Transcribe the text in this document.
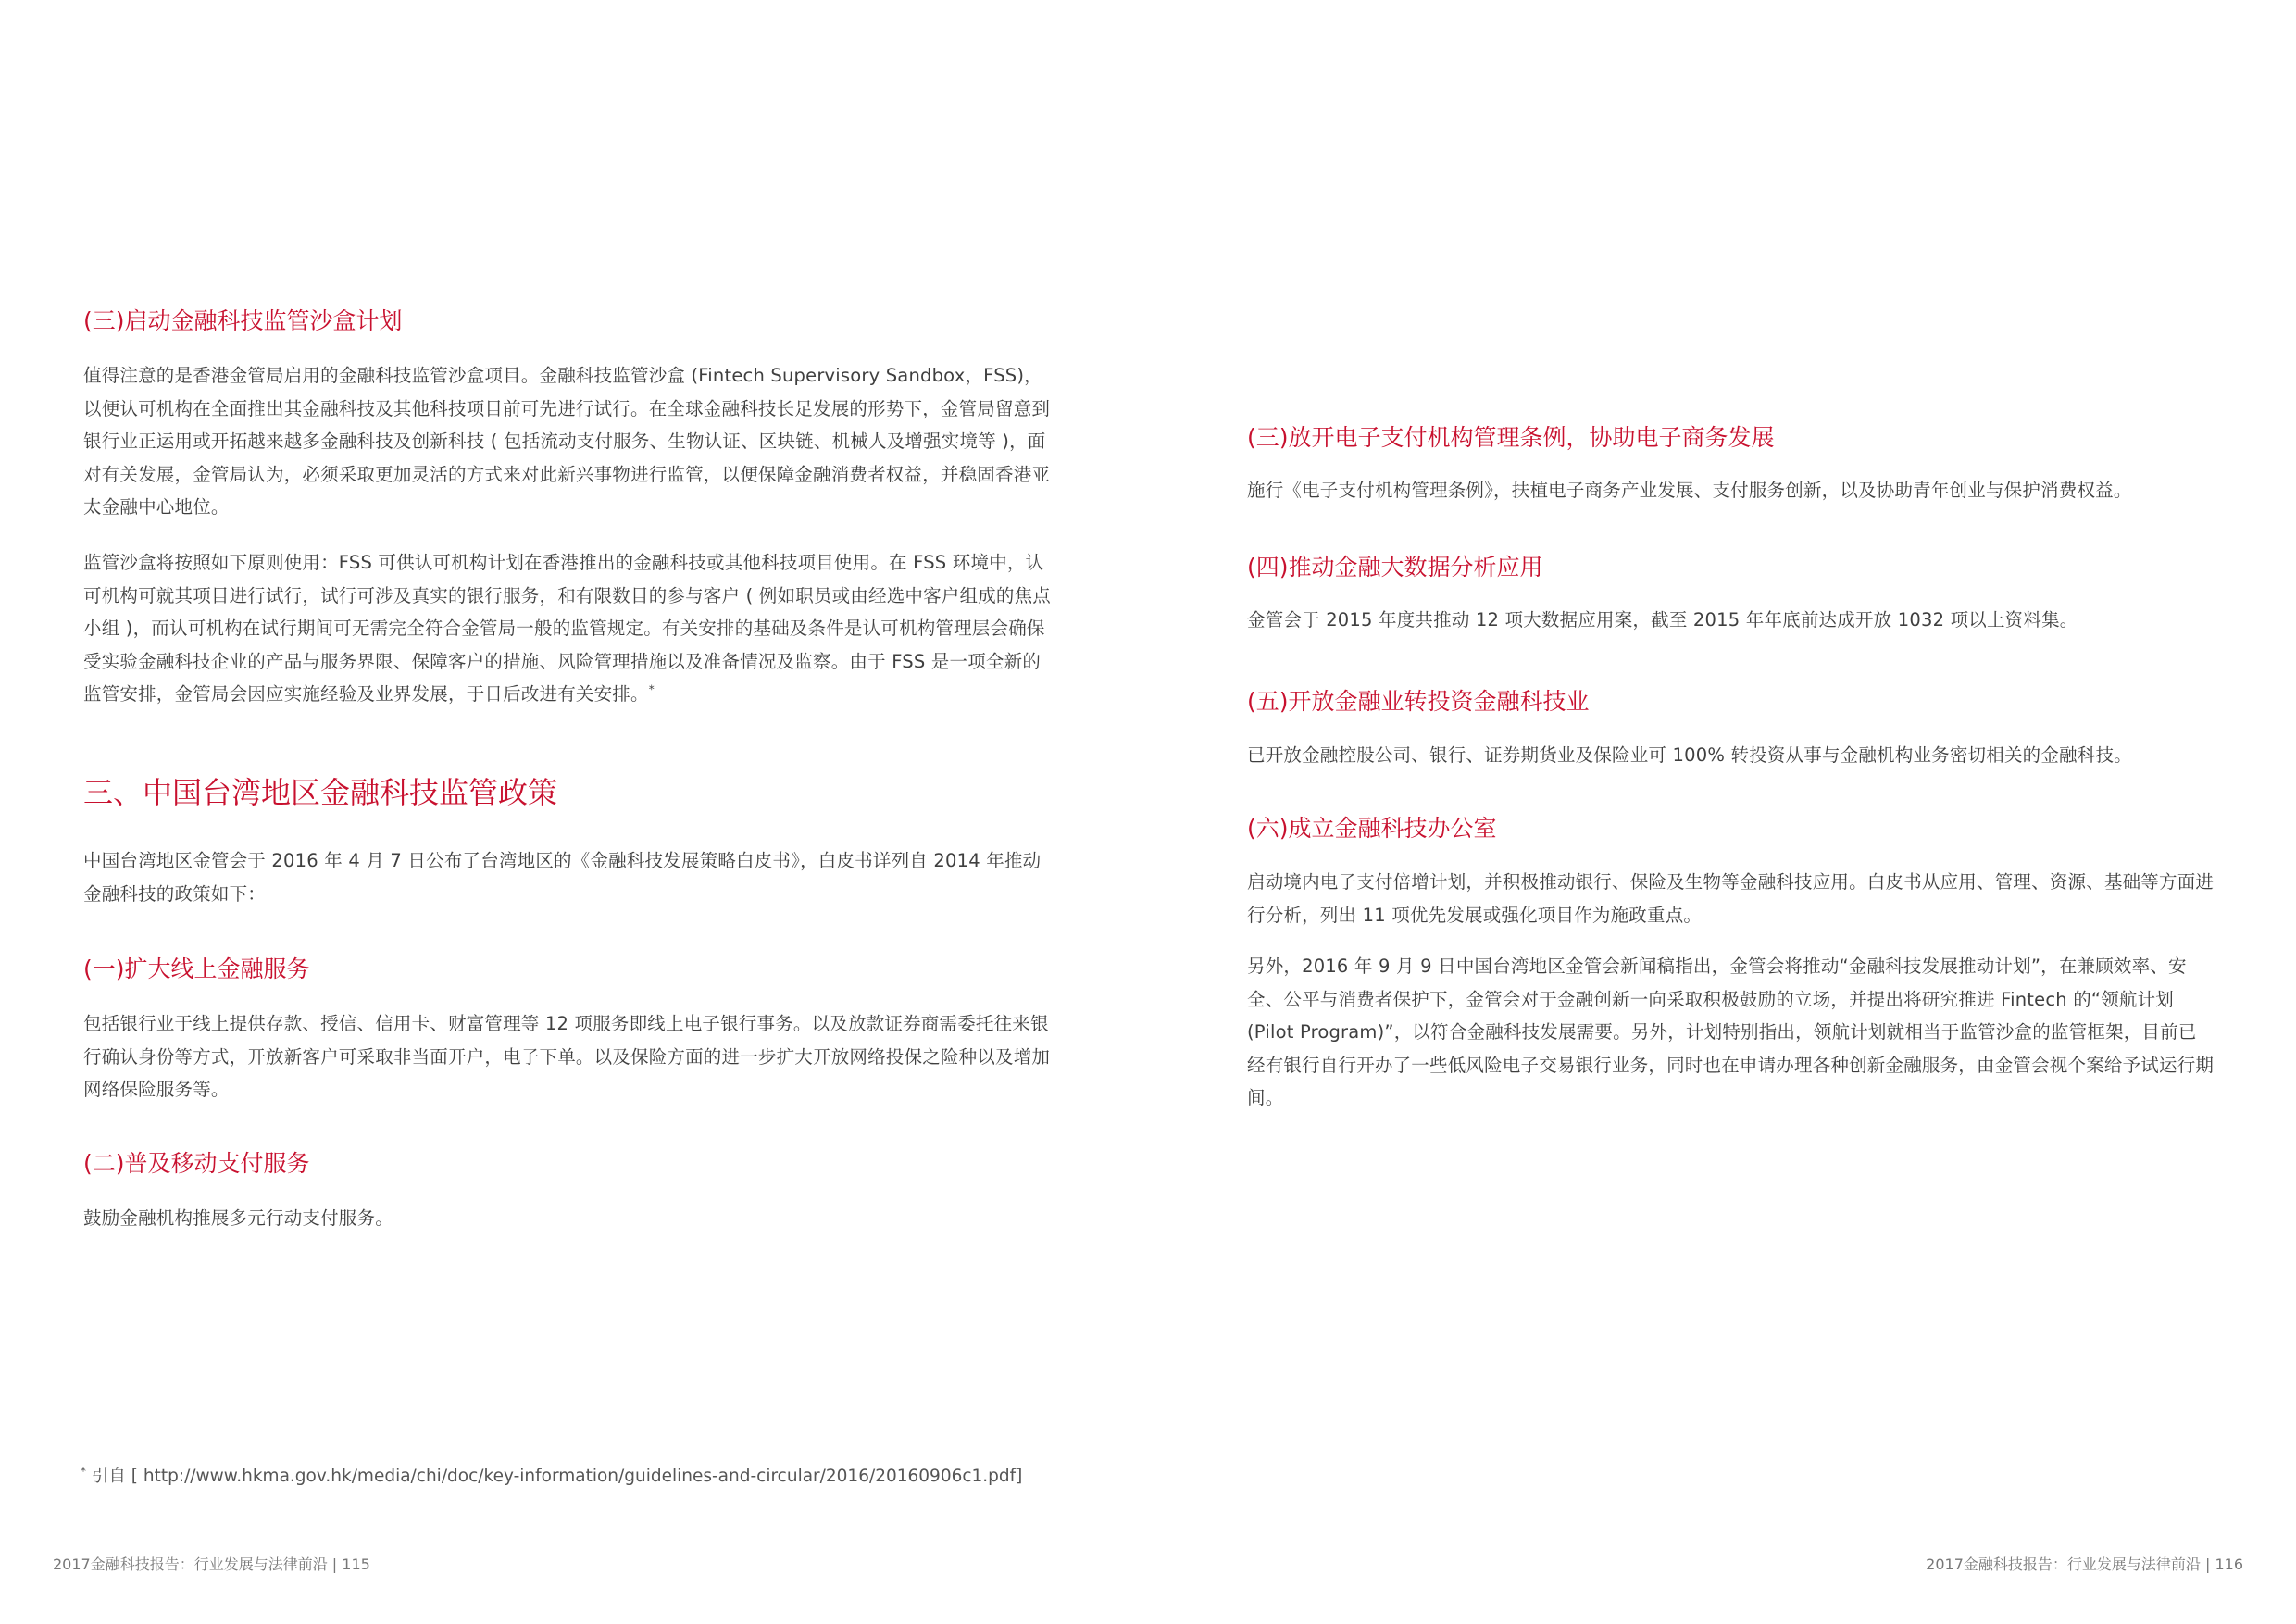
(三)启动金融科技监管沙盒计划
值得注意的是香港金管局启用的金融科技监管沙盒项目。金融科技监管沙盒 (Fintech Supervisory Sandbox，FSS)，以便认可机构在全面推出其金融科技及其他科技项目前可先进行试行。在全球金融科技长足发展的形势下，金管局留意到银行业正运用或开拓越来越多金融科技及创新科技 ( 包括流动支付服务、生物认证、区块链、机械人及增强实境等 )，面对有关发展，金管局认为，必须采取更加灵活的方式来对此新兴事物进行监管，以便保障金融消费者权益，并稳固香港亚太金融中心地位。
监管沙盒将按照如下原则使用：FSS 可供认可机构计划在香港推出的金融科技或其他科技项目使用。在 FSS 环境中，认可机构可就其项目进行试行，试行可涉及真实的银行服务，和有限数目的参与客户 ( 例如职员或由经选中客户组成的焦点小组 )，而认可机构在试行期间可无需完全符合金管局一般的监管规定。有关安排的基础及条件是认可机构管理层会确保受实验金融科技企业的产品与服务界限、保障客户的措施、风险管理措施以及准备情况及监察。由于 FSS 是一项全新的监管安排，金管局会因应实施经验及业界发展，于日后改进有关安排。*
三、中国台湾地区金融科技监管政策
中国台湾地区金管会于 2016 年 4 月 7 日公布了台湾地区的《金融科技发展策略白皮书》，白皮书详列自 2014 年推动金融科技的政策如下：
(一)扩大线上金融服务
包括银行业于线上提供存款、授信、信用卡、财富管理等 12 项服务即线上电子银行事务。以及放款证券商需委托往来银行确认身份等方式，开放新客户可采取非当面开户，电子下单。以及保险方面的进一步扩大开放网络投保之险种以及增加网络保险服务等。
(二)普及移动支付服务
鼓励金融机构推展多元行动支付服务。
(三)放开电子支付机构管理条例，协助电子商务发展
施行《电子支付机构管理条例》，扶植电子商务产业发展、支付服务创新，以及协助青年创业与保护消费权益。
(四)推动金融大数据分析应用
金管会于 2015 年度共推动 12 项大数据应用案，截至 2015 年年底前达成开放 1032 项以上资料集。
(五)开放金融业转投资金融科技业
已开放金融控股公司、银行、证券期货业及保险业可 100% 转投资从事与金融机构业务密切相关的金融科技。
(六)成立金融科技办公室
启动境内电子支付倍增计划，并积极推动银行、保险及生物等金融科技应用。白皮书从应用、管理、资源、基础等方面进行分析，列出 11 项优先发展或强化项目作为施政重点。
另外，2016 年 9 月 9 日中国台湾地区金管会新闻稿指出，金管会将推动“金融科技发展推动计划”，在兼顾效率、安全、公平与消费者保护下，金管会对于金融创新一向采取积极鼓励的立场，并提出将研究推进 Fintech 的“领航计划 (Pilot Program)”，以符合金融科技发展需要。另外，计划特别指出，领航计划就相当于监管沙盒的监管框架，目前已经有银行自行开办了一些低风险电子交易银行业务，同时也在申请办理各种创新金融服务，由金管会视个案给予试运行期间。
* 引自 [ http://www.hkma.gov.hk/media/chi/doc/key-information/guidelines-and-circular/2016/20160906c1.pdf]
2017金融科技报告：行业发展与法律前沿 | 115	2017金融科技报告：行业发展与法律前沿 | 116
